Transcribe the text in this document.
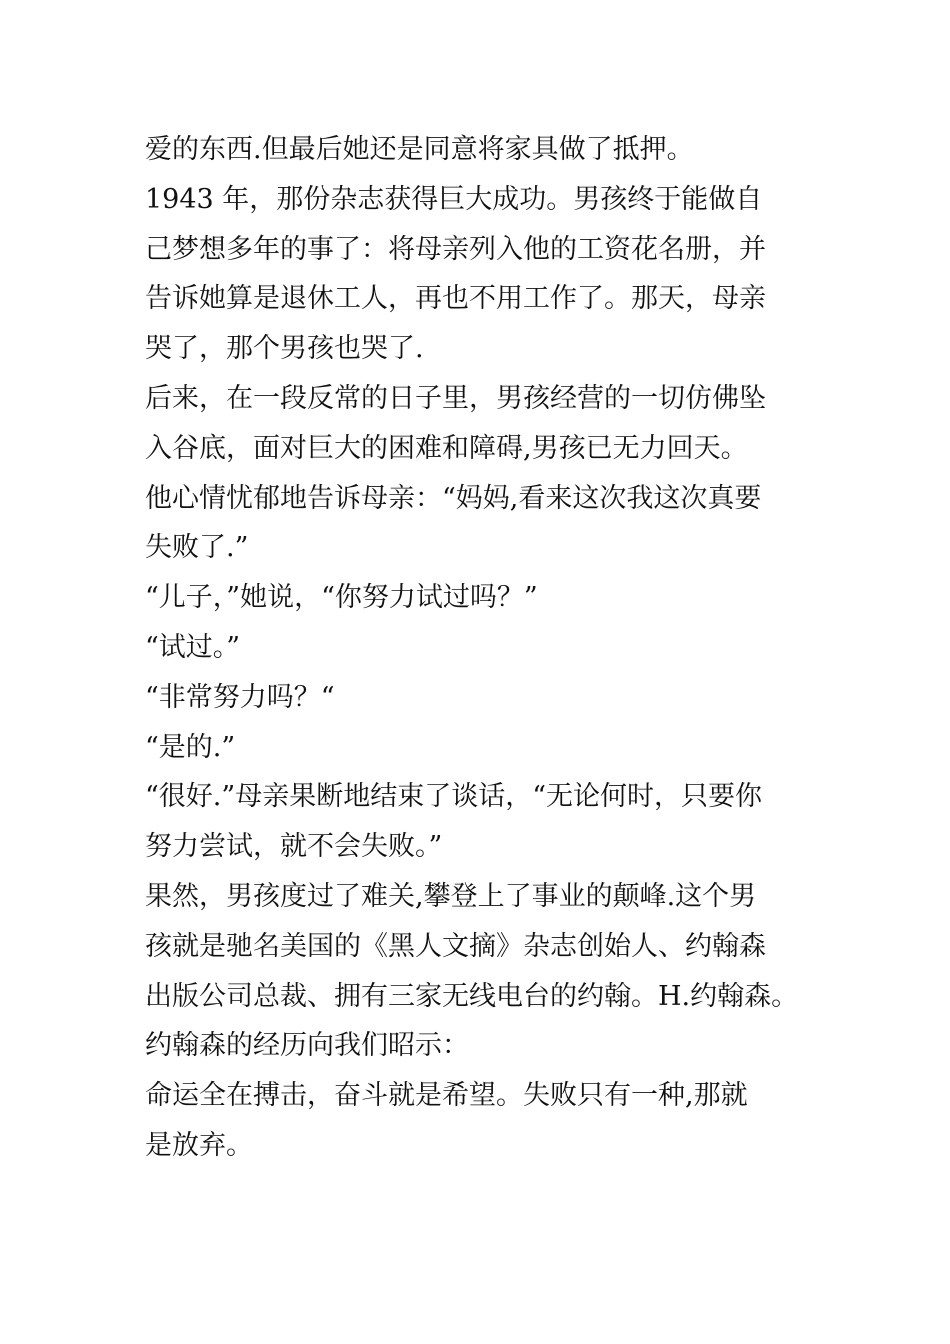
爱的东西.但最后她还是同意将家具做了抵押。
1943 年，那份杂志获得巨大成功。男孩终于能做自
己梦想多年的事了：将母亲列入他的工资花名册，并
告诉她算是退休工人，再也不用工作了。那天，母亲
哭了，那个男孩也哭了.
后来，在一段反常的日子里，男孩经营的一切仿佛坠
入谷底，面对巨大的困难和障碍,男孩已无力回天。
他心情忧郁地告诉母亲：“妈妈,看来这次我这次真要
失败了.”
“儿子，”她说，“你努力试过吗？”
“试过。”
“非常努力吗？“
“是的.”
“很好.”母亲果断地结束了谈话，“无论何时，只要你
努力尝试，就不会失败。”
果然，男孩度过了难关,攀登上了事业的颠峰.这个男
孩就是驰名美国的《黑人文摘》杂志创始人、约翰森
出版公司总裁、拥有三家无线电台的约翰。H.约翰森。
约翰森的经历向我们昭示：
命运全在搏击，奋斗就是希望。失败只有一种,那就
是放弃。
